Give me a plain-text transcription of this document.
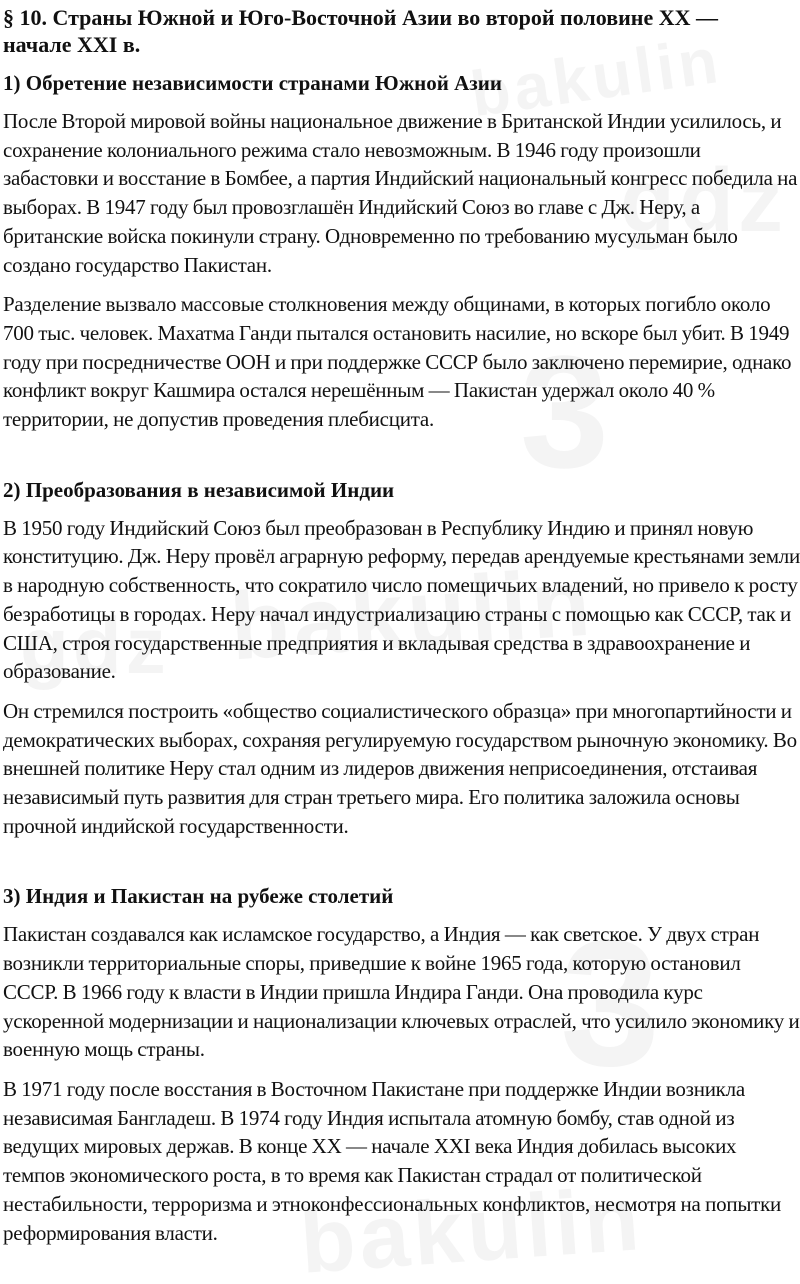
§ 10. Страны Южной и Юго-Восточной Азии во второй половине XX — начале XXI в.
1) Обретение независимости странами Южной Азии

После Второй мировой войны национальное движение в Британской Индии усилилось, и сохранение колониального режима стало невозможным. В 1946 году произошли забастовки и восстание в Бомбее, а партия Индийский национальный конгресс победила на выборах. В 1947 году был провозглашён Индийский Союз во главе с Дж. Неру, а британские войска покинули страну. Одновременно по требованию мусульман было создано государство Пакистан.

Разделение вызвало массовые столкновения между общинами, в которых погибло около 700 тыс. человек. Махатма Ганди пытался остановить насилие, но вскоре был убит. В 1949 году при посредничестве ООН и при поддержке СССР было заключено перемирие, однако конфликт вокруг Кашмира остался нерешённым — Пакистан удержал около 40 % территории, не допустив проведения плебисцита.

2) Преобразования в независимой Индии

В 1950 году Индийский Союз был преобразован в Республику Индию и принял новую конституцию. Дж. Неру провёл аграрную реформу, передав арендуемые крестьянами земли в народную собственность, что сократило число помещичьих владений, но привело к росту безработицы в городах. Неру начал индустриализацию страны с помощью как СССР, так и США, строя государственные предприятия и вкладывая средства в здравоохранение и образование.

Он стремился построить «общество социалистического образца» при многопартийности и демократических выборах, сохраняя регулируемую государством рыночную экономику. Во внешней политике Неру стал одним из лидеров движения неприсоединения, отстаивая независимый путь развития для стран третьего мира. Его политика заложила основы прочной индийской государственности.

3) Индия и Пакистан на рубеже столетий

Пакистан создавался как исламское государство, а Индия — как светское. У двух стран возникли территориальные споры, приведшие к войне 1965 года, которую остановил СССР. В 1966 году к власти в Индии пришла Индира Ганди. Она проводила курс ускоренной модернизации и национализации ключевых отраслей, что усилило экономику и военную мощь страны.

В 1971 году после восстания в Восточном Пакистане при поддержке Индии возникла независимая Бангладеш. В 1974 году Индия испытала атомную бомбу, став одной из ведущих мировых держав. В конце XX — начале XXI века Индия добилась высоких темпов экономического роста, в то время как Пакистан страдал от политической нестабильности, терроризма и этноконфессиональных конфликтов, несмотря на попытки реформирования власти.
